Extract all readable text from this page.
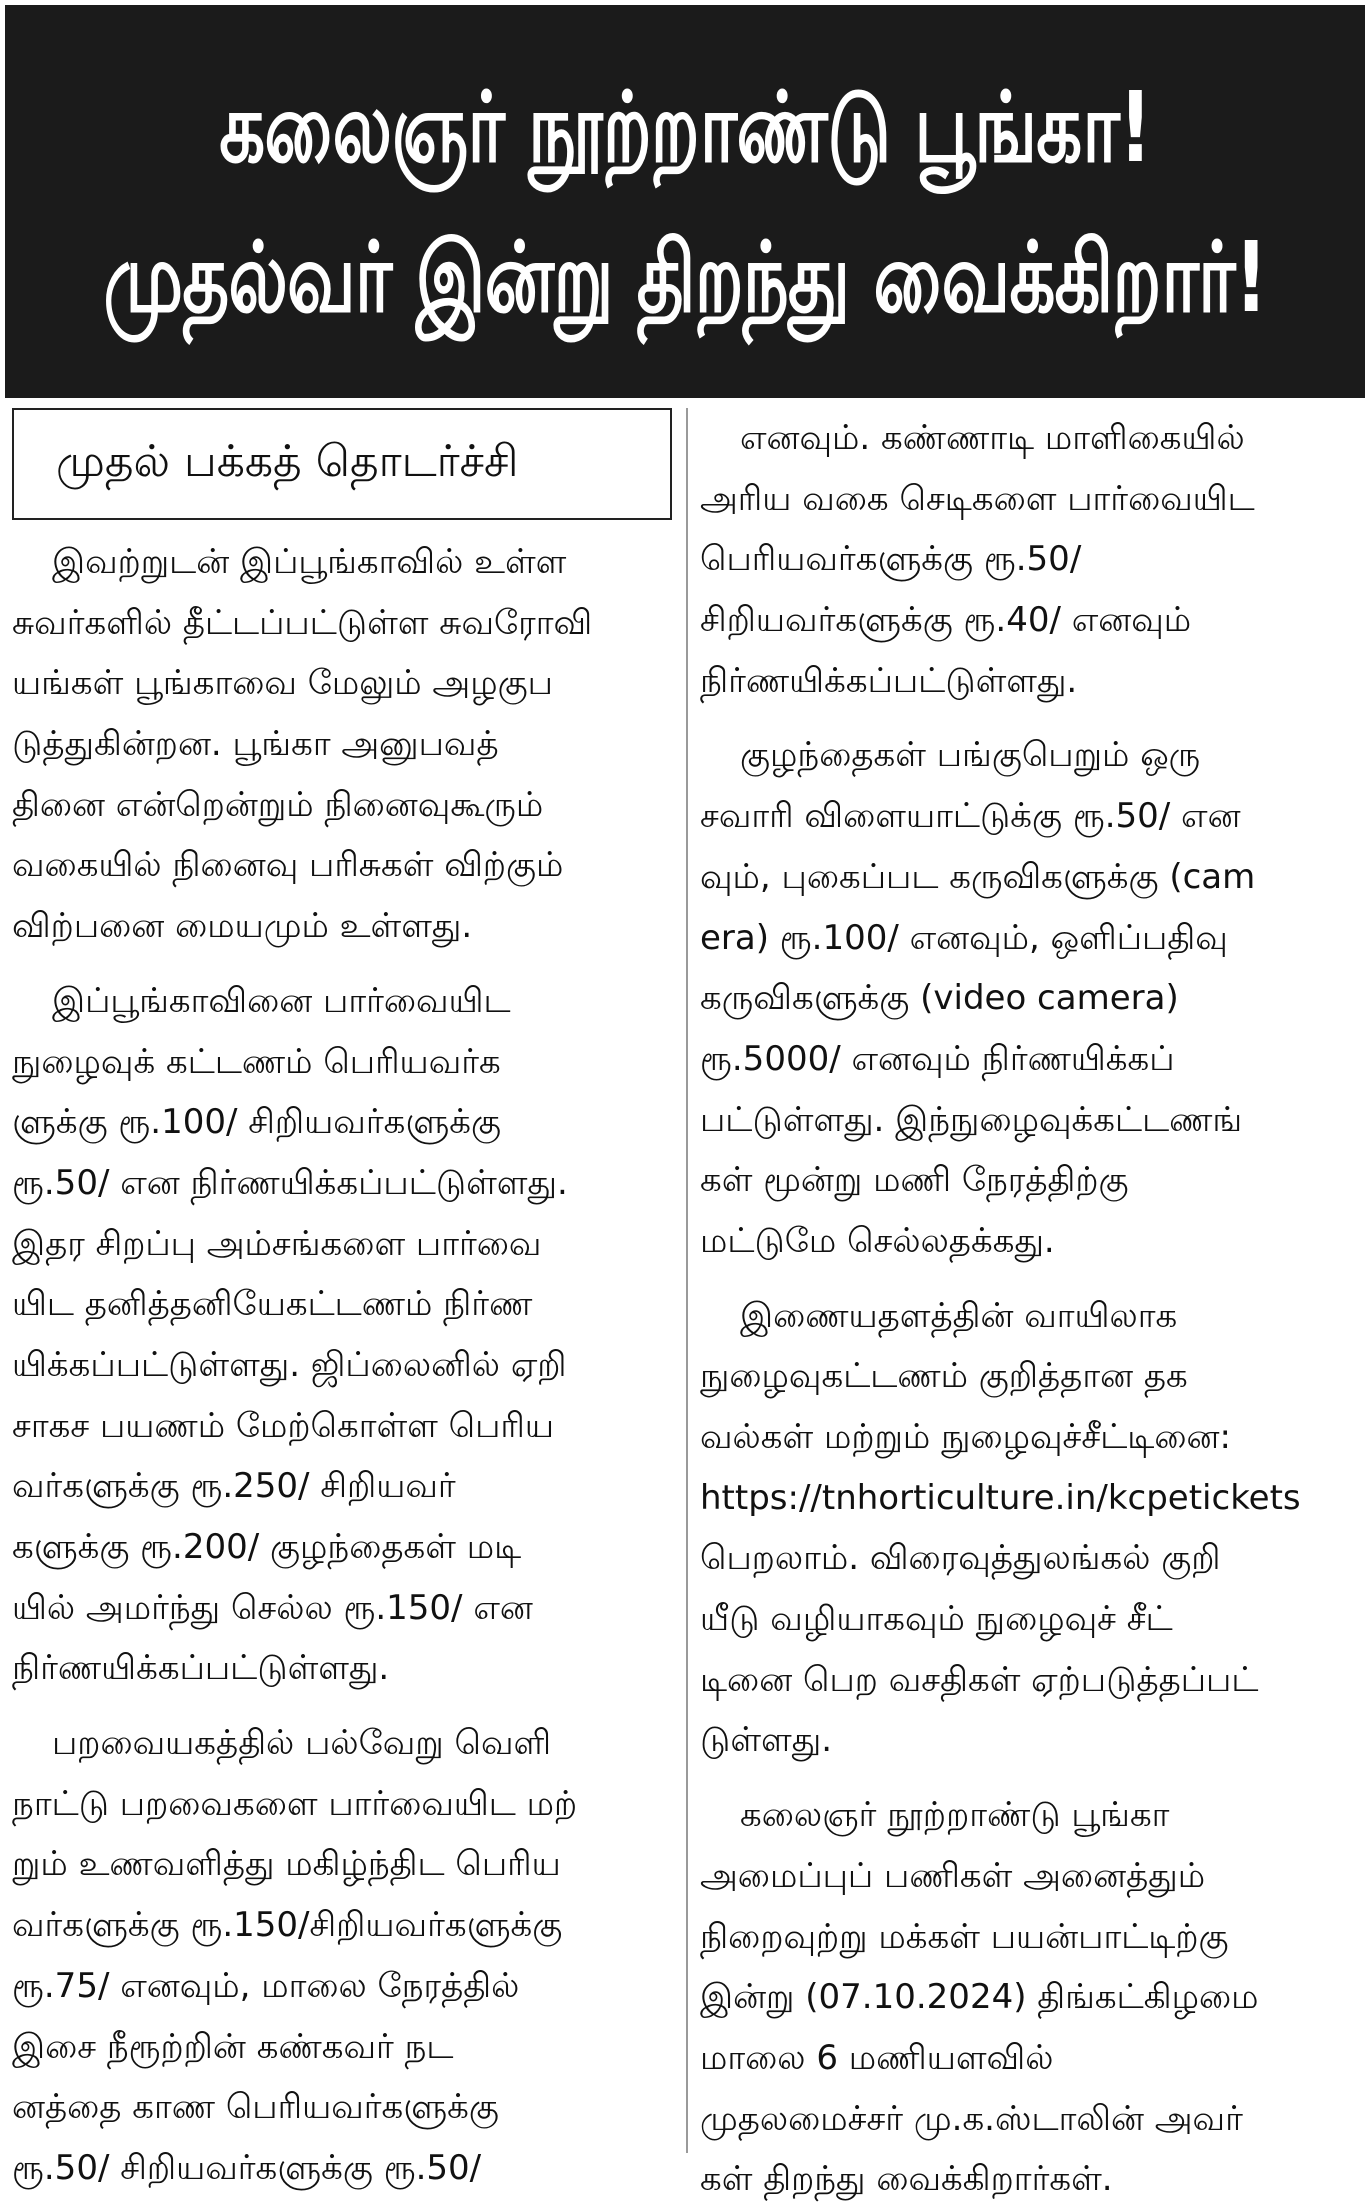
கலைஞர் நூற்றாண்டு பூங்கா!
முதல்வர் இன்று திறந்து வைக்கிறார்!
முதல் பக்கத் தொடர்ச்சி
இவற்றுடன் இப்பூங்காவில் உள்ள
சுவர்களில் தீட்டப்பட்டுள்ள சுவரோவி
யங்கள் பூங்காவை மேலும் அழகுப
டுத்துகின்றன. பூங்கா அனுபவத்
தினை என்றென்றும் நினைவுகூரும்
வகையில் நினைவு பரிசுகள் விற்கும்
விற்பனை மையமும் உள்ளது.
இப்பூங்காவினை பார்வையிட
நுழைவுக் கட்டணம் பெரியவர்க
ளுக்கு ரூ.100/ சிறியவர்களுக்கு
ரூ.50/ என நிர்ணயிக்கப்பட்டுள்ளது.
இதர சிறப்பு அம்சங்களை பார்வை
யிட தனித்தனியேகட்டணம் நிர்ண
யிக்கப்பட்டுள்ளது. ஜிப்லைனில் ஏறி
சாகச பயணம் மேற்கொள்ள பெரிய
வர்களுக்கு ரூ.250/ சிறியவர்
களுக்கு ரூ.200/ குழந்தைகள் மடி
யில் அமர்ந்து செல்ல ரூ.150/ என
நிர்ணயிக்கப்பட்டுள்ளது.
பறவையகத்தில் பல்வேறு வெளி
நாட்டு பறவைகளை பார்வையிட மற்
றும் உணவளித்து மகிழ்ந்திட பெரிய
வர்களுக்கு ரூ.150/சிறியவர்களுக்கு
ரூ.75/ எனவும், மாலை நேரத்தில்
இசை நீரூற்றின் கண்கவர் நட
னத்தை காண பெரியவர்களுக்கு
ரூ.50/ சிறியவர்களுக்கு ரூ.50/
எனவும். கண்ணாடி மாளிகையில்
அரிய வகை செடிகளை பார்வையிட
பெரியவர்களுக்கு ரூ.50/
சிறியவர்களுக்கு ரூ.40/ எனவும்
நிர்ணயிக்கப்பட்டுள்ளது.
குழந்தைகள் பங்குபெறும் ஒரு
சவாரி விளையாட்டுக்கு ரூ.50/ என
வும், புகைப்பட கருவிகளுக்கு (cam
era) ரூ.100/ எனவும், ஒளிப்பதிவு
கருவிகளுக்கு (video camera)
ரூ.5000/ எனவும் நிர்ணயிக்கப்
பட்டுள்ளது. இந்நுழைவுக்கட்டணங்
கள் மூன்று மணி நேரத்திற்கு
மட்டுமே செல்லதக்கது.
இணையதளத்தின் வாயிலாக
நுழைவுகட்டணம் குறித்தான தக
வல்கள் மற்றும் நுழைவுச்சீட்டினை:
https://tnhorticulture.in/kcpetickets
பெறலாம். விரைவுத்துலங்கல் குறி
யீடு வழியாகவும் நுழைவுச் சீட்
டினை பெற வசதிகள் ஏற்படுத்தப்பட்
டுள்ளது.
கலைஞர் நூற்றாண்டு பூங்கா
அமைப்புப் பணிகள் அனைத்தும்
நிறைவுற்று மக்கள் பயன்பாட்டிற்கு
இன்று (07.10.2024) திங்கட்கிழமை
மாலை 6 மணியளவில்
முதலமைச்சர் மு.க.ஸ்டாலின் அவர்
கள் திறந்து வைக்கிறார்கள்.
